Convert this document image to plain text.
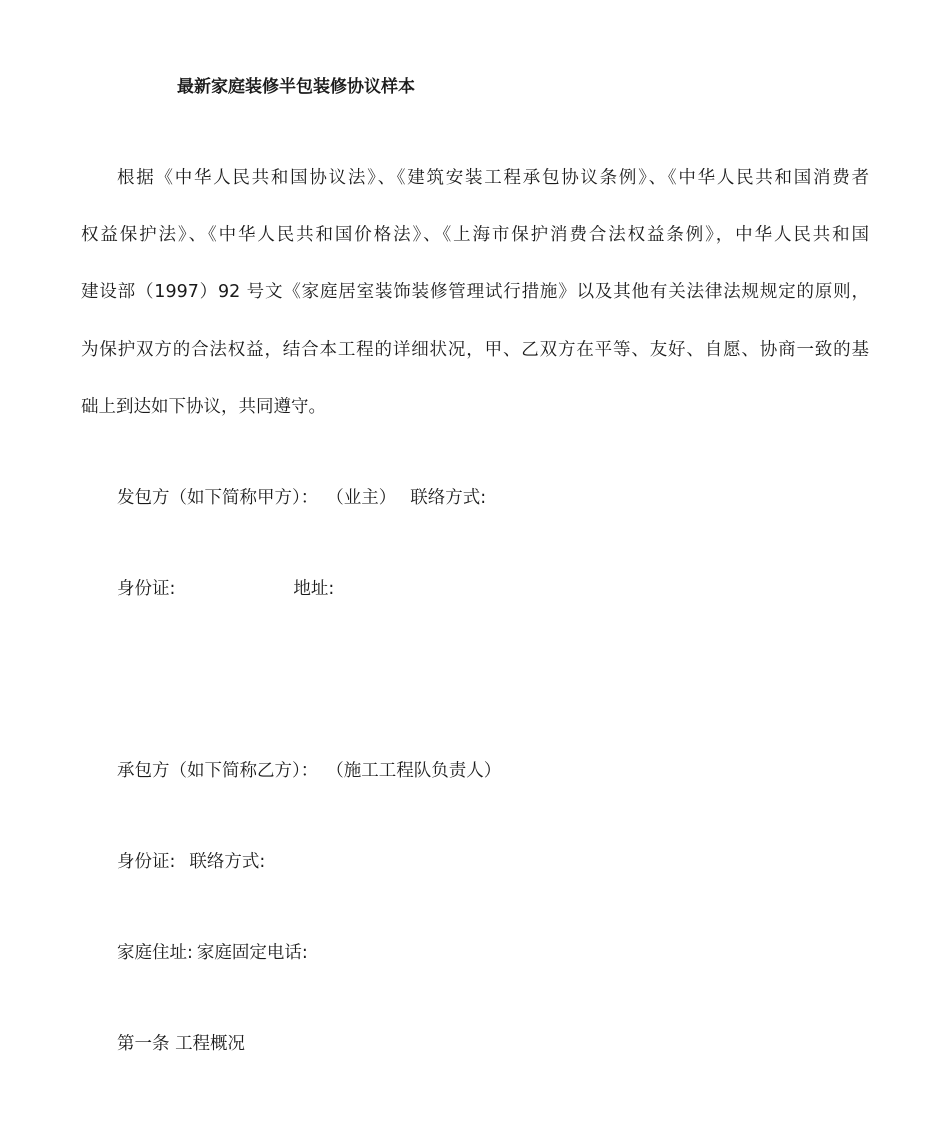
最新家庭装修半包装修协议样本
根据《中华人民共和国协议法》、《建筑安装工程承包协议条例》、《中华人民共和国消费者
权益保护法》、《中华人民共和国价格法》、《上海市保护消费合法权益条例》，中华人民共和国
建设部（1997）92 号文《家庭居室装饰装修管理试行措施》以及其他有关法律法规规定的原则，
为保护双方的合法权益，结合本工程的详细状况，甲、乙双方在平等、友好、自愿、协商一致的基
础上到达如下协议，共同遵守。
发包方（如下简称甲方）： （业主） 联络方式:
身份证:	地址:
承包方（如下简称乙方）： （施工工程队负责人）
身份证: 联络方式:
家庭住址: 家庭固定电话:
第一条 工程概况
